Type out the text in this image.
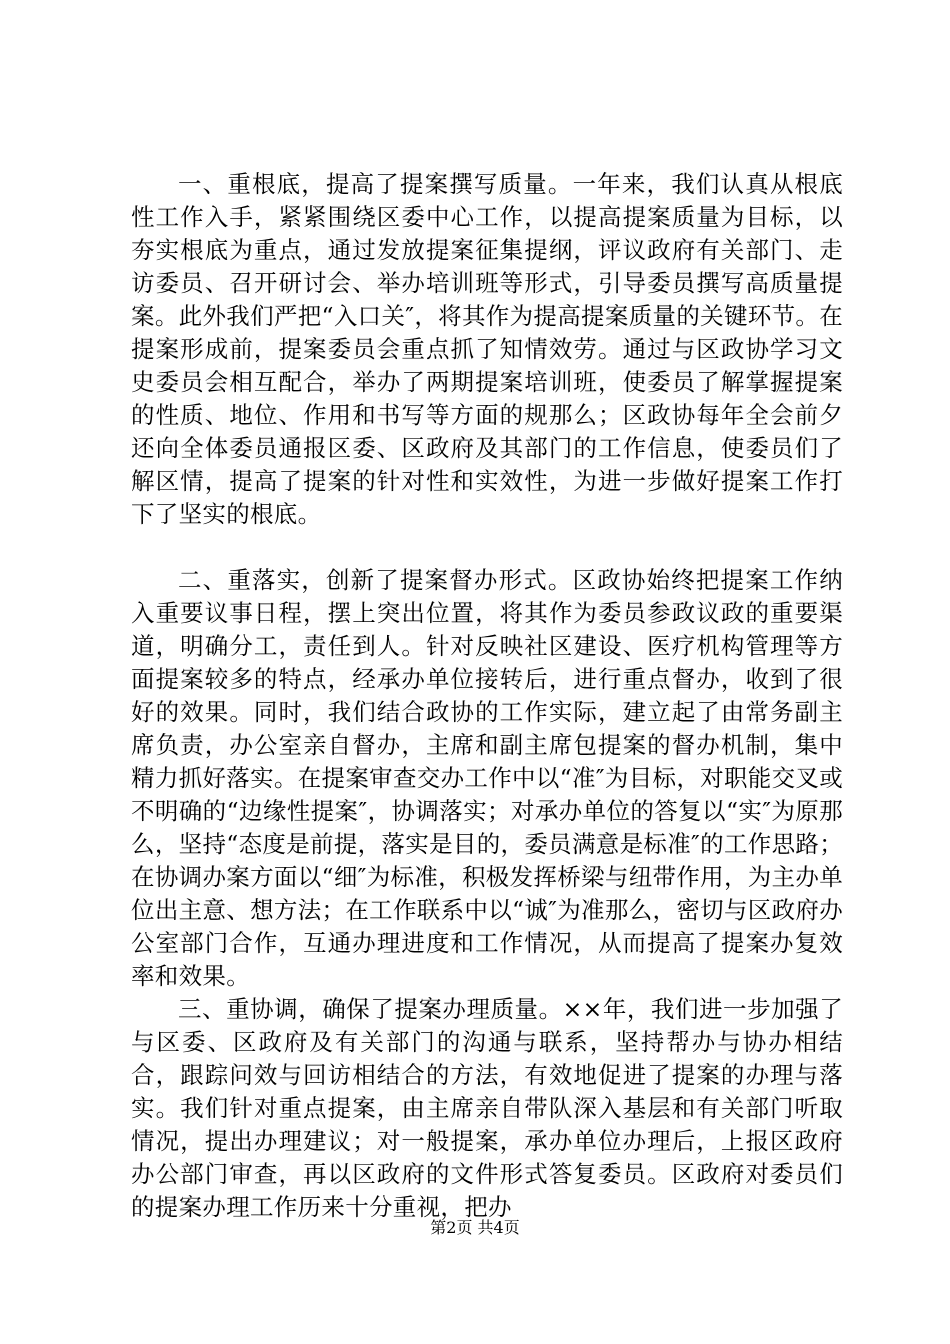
一、重根底，提高了提案撰写质量。一年来，我们认真从根底性工作入手，紧紧围绕区委中心工作，以提高提案质量为目标，以夯实根底为重点，通过发放提案征集提纲，评议政府有关部门、走访委员、召开研讨会、举办培训班等形式，引导委员撰写高质量提案。此外我们严把“入口关″，将其作为提高提案质量的关键环节。在提案形成前，提案委员会重点抓了知情效劳。通过与区政协学习文史委员会相互配合，举办了两期提案培训班，使委员了解掌握提案的性质、地位、作用和书写等方面的规那么；区政协每年全会前夕还向全体委员通报区委、区政府及其部门的工作信息，使委员们了解区情，提高了提案的针对性和实效性，为进一步做好提案工作打下了坚实的根底。

二、重落实，创新了提案督办形式。区政协始终把提案工作纳入重要议事日程，摆上突出位置，将其作为委员参政议政的重要渠道，明确分工，责任到人。针对反映社区建设、医疗机构管理等方面提案较多的特点，经承办单位接转后，进行重点督办，收到了很好的效果。同时，我们结合政协的工作实际，建立起了由常务副主席负责，办公室亲自督办，主席和副主席包提案的督办机制，集中精力抓好落实。在提案审查交办工作中以“准″为目标，对职能交叉或不明确的“边缘性提案″，协调落实；对承办单位的答复以“实″为原那么，坚持“态度是前提，落实是目的，委员满意是标准″的工作思路；在协调办案方面以“细″为标准，积极发挥桥梁与纽带作用，为主办单位出主意、想方法；在工作联系中以“诚″为准那么，密切与区政府办公室部门合作，互通办理进度和工作情况，从而提高了提案办复效率和效果。

三、重协调，确保了提案办理质量。××年，我们进一步加强了与区委、区政府及有关部门的沟通与联系，坚持帮办与协办相结合，跟踪问效与回访相结合的方法，有效地促进了提案的办理与落实。我们针对重点提案，由主席亲自带队深入基层和有关部门听取情况，提出办理建议；对一般提案，承办单位办理后，上报区政府办公部门审查，再以区政府的文件形式答复委员。区政府对委员们的提案办理工作历来十分重视，把办

第2页 共4页
